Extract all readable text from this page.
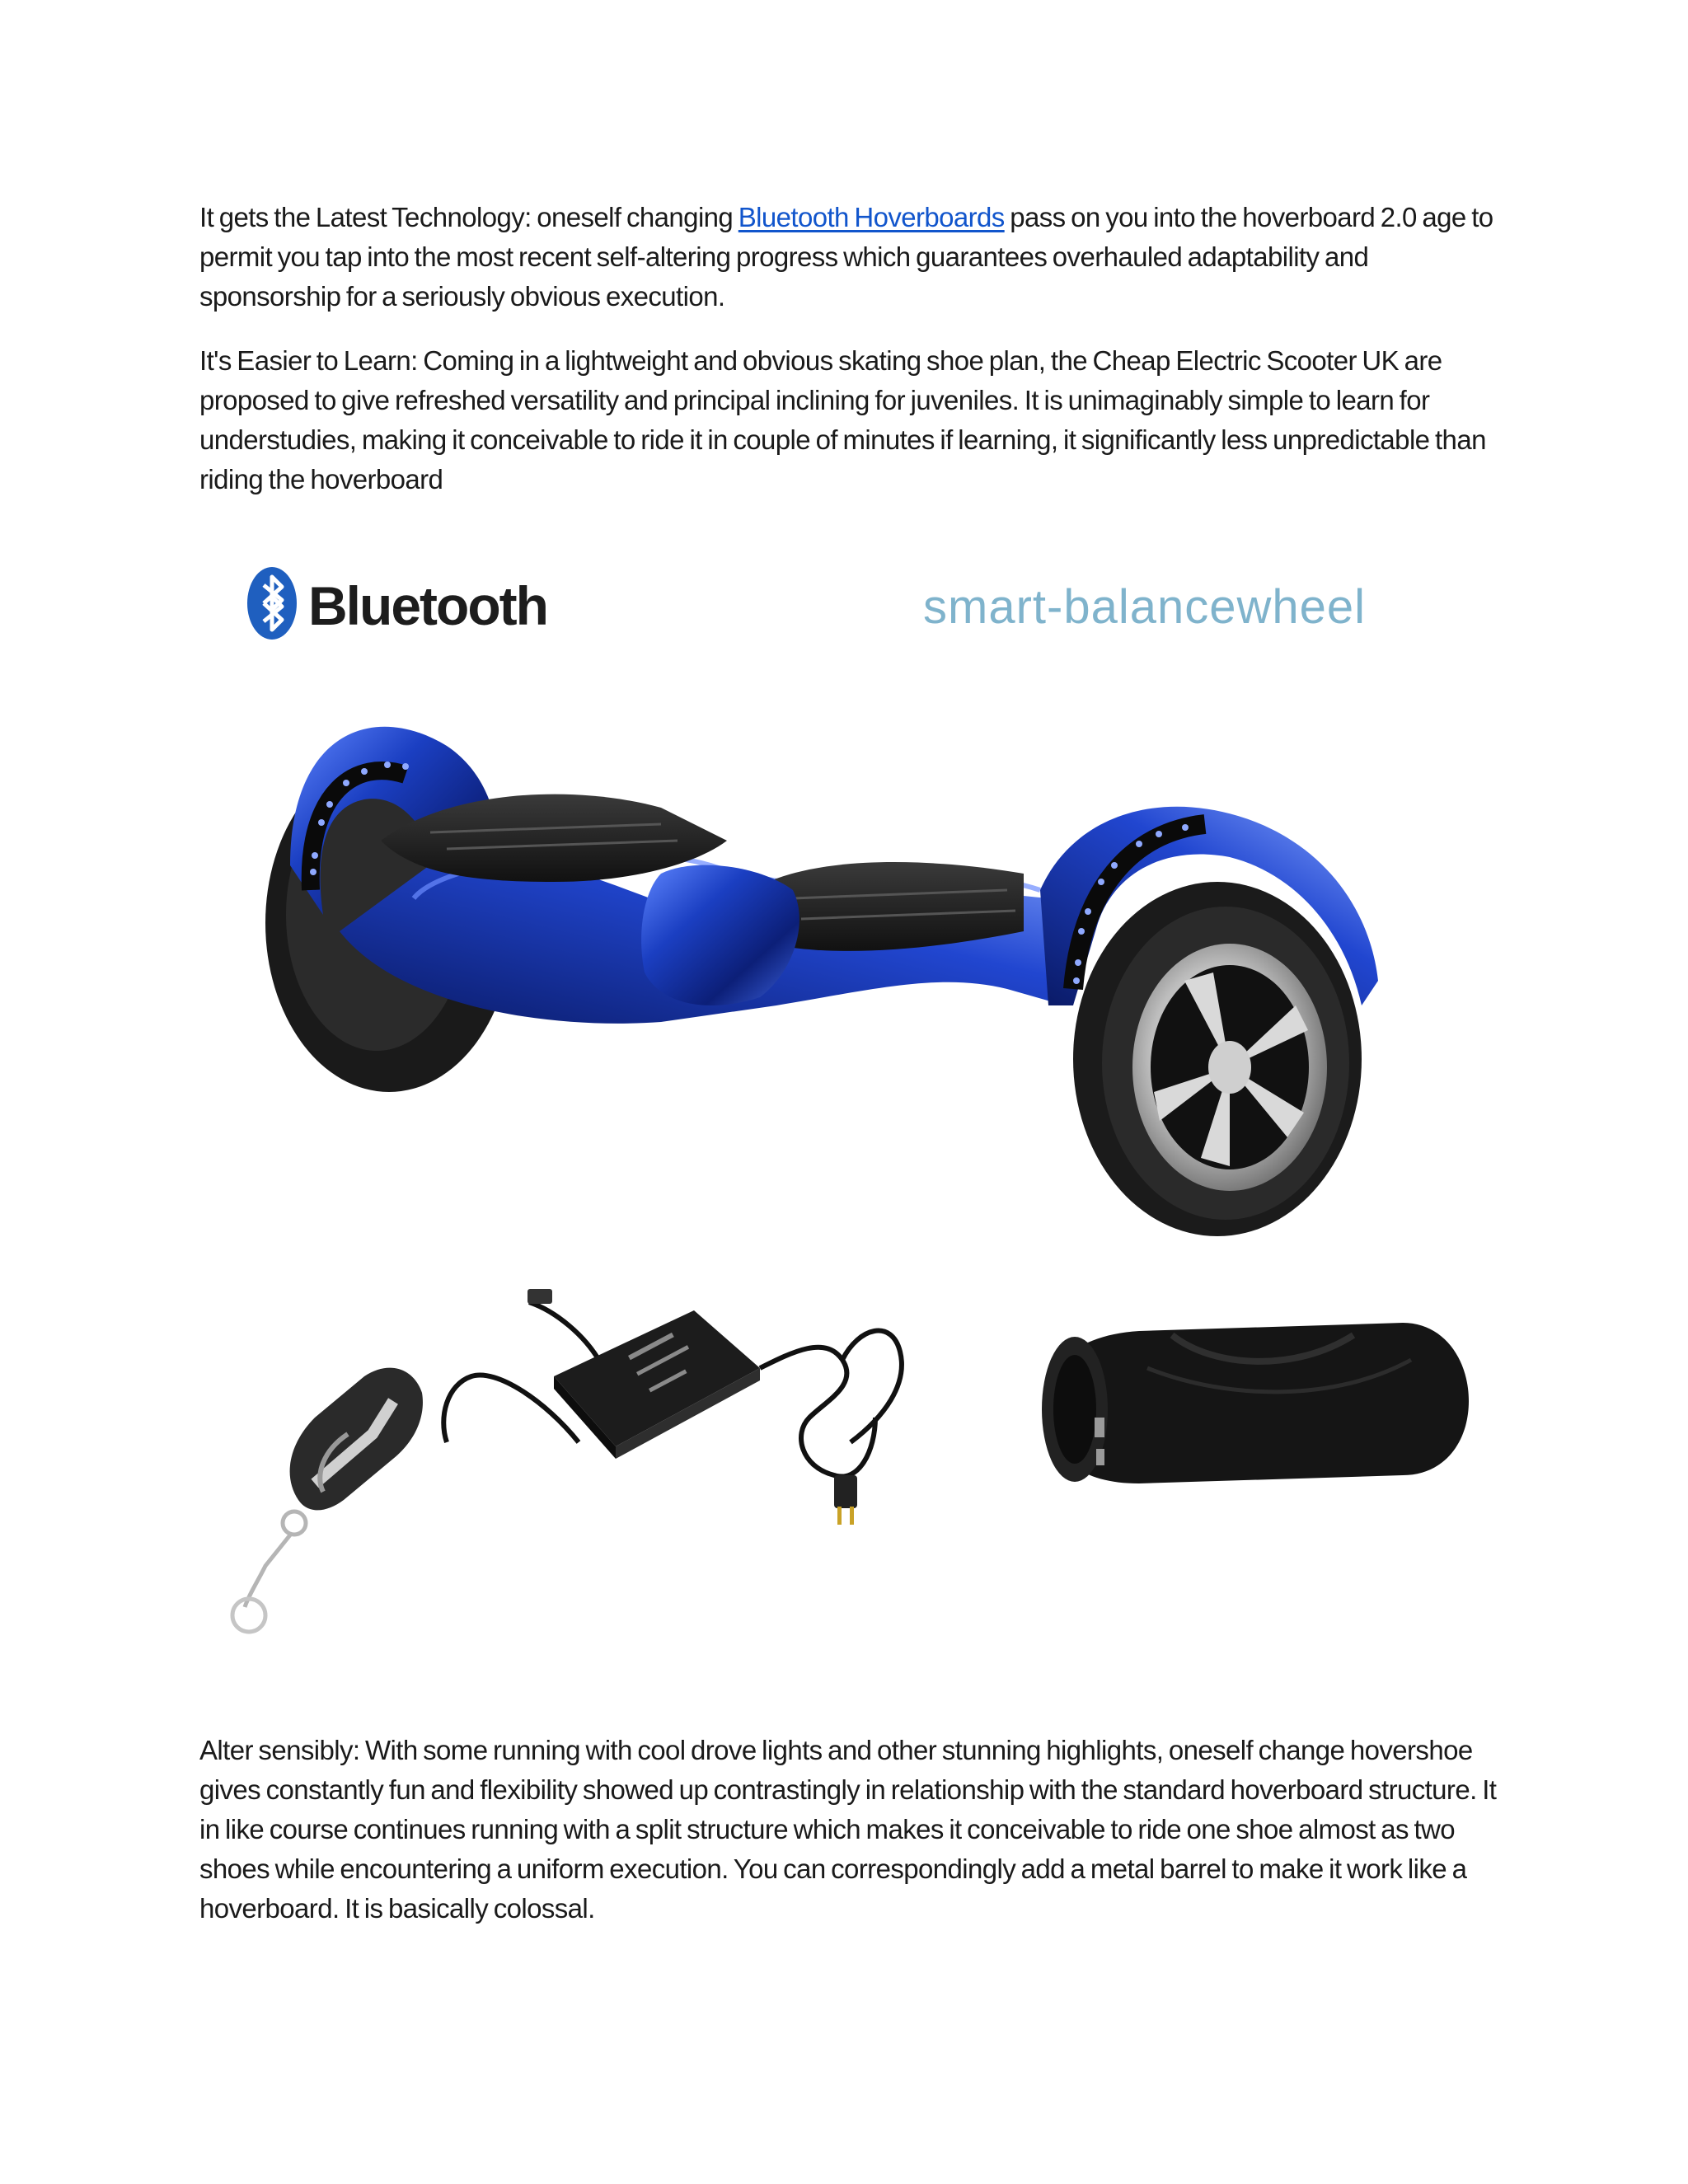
It gets the Latest Technology: oneself changing Bluetooth Hoverboards pass on you into the hoverboard 2.0 age to permit you tap into the most recent self-altering progress which guarantees overhauled adaptability and sponsorship for a seriously obvious execution.

It's Easier to Learn: Coming in a lightweight and obvious skating shoe plan, the Cheap Electric Scooter UK are proposed to give refreshed versatility and principal inclining for juveniles. It is unimaginably simple to learn for understudies, making it conceivable to ride it in couple of minutes if learning, it significantly less unpredictable than riding the hoverboard

Bluetooth	smart-balancewheel

Alter sensibly: With some running with cool drove lights and other stunning highlights, oneself change hovershoe gives constantly fun and flexibility showed up contrastingly in relationship with the standard hoverboard structure. It in like course continues running with a split structure which makes it conceivable to ride one shoe almost as two shoes while encountering a uniform execution. You can correspondingly add a metal barrel to make it work like a hoverboard. It is basically colossal.
